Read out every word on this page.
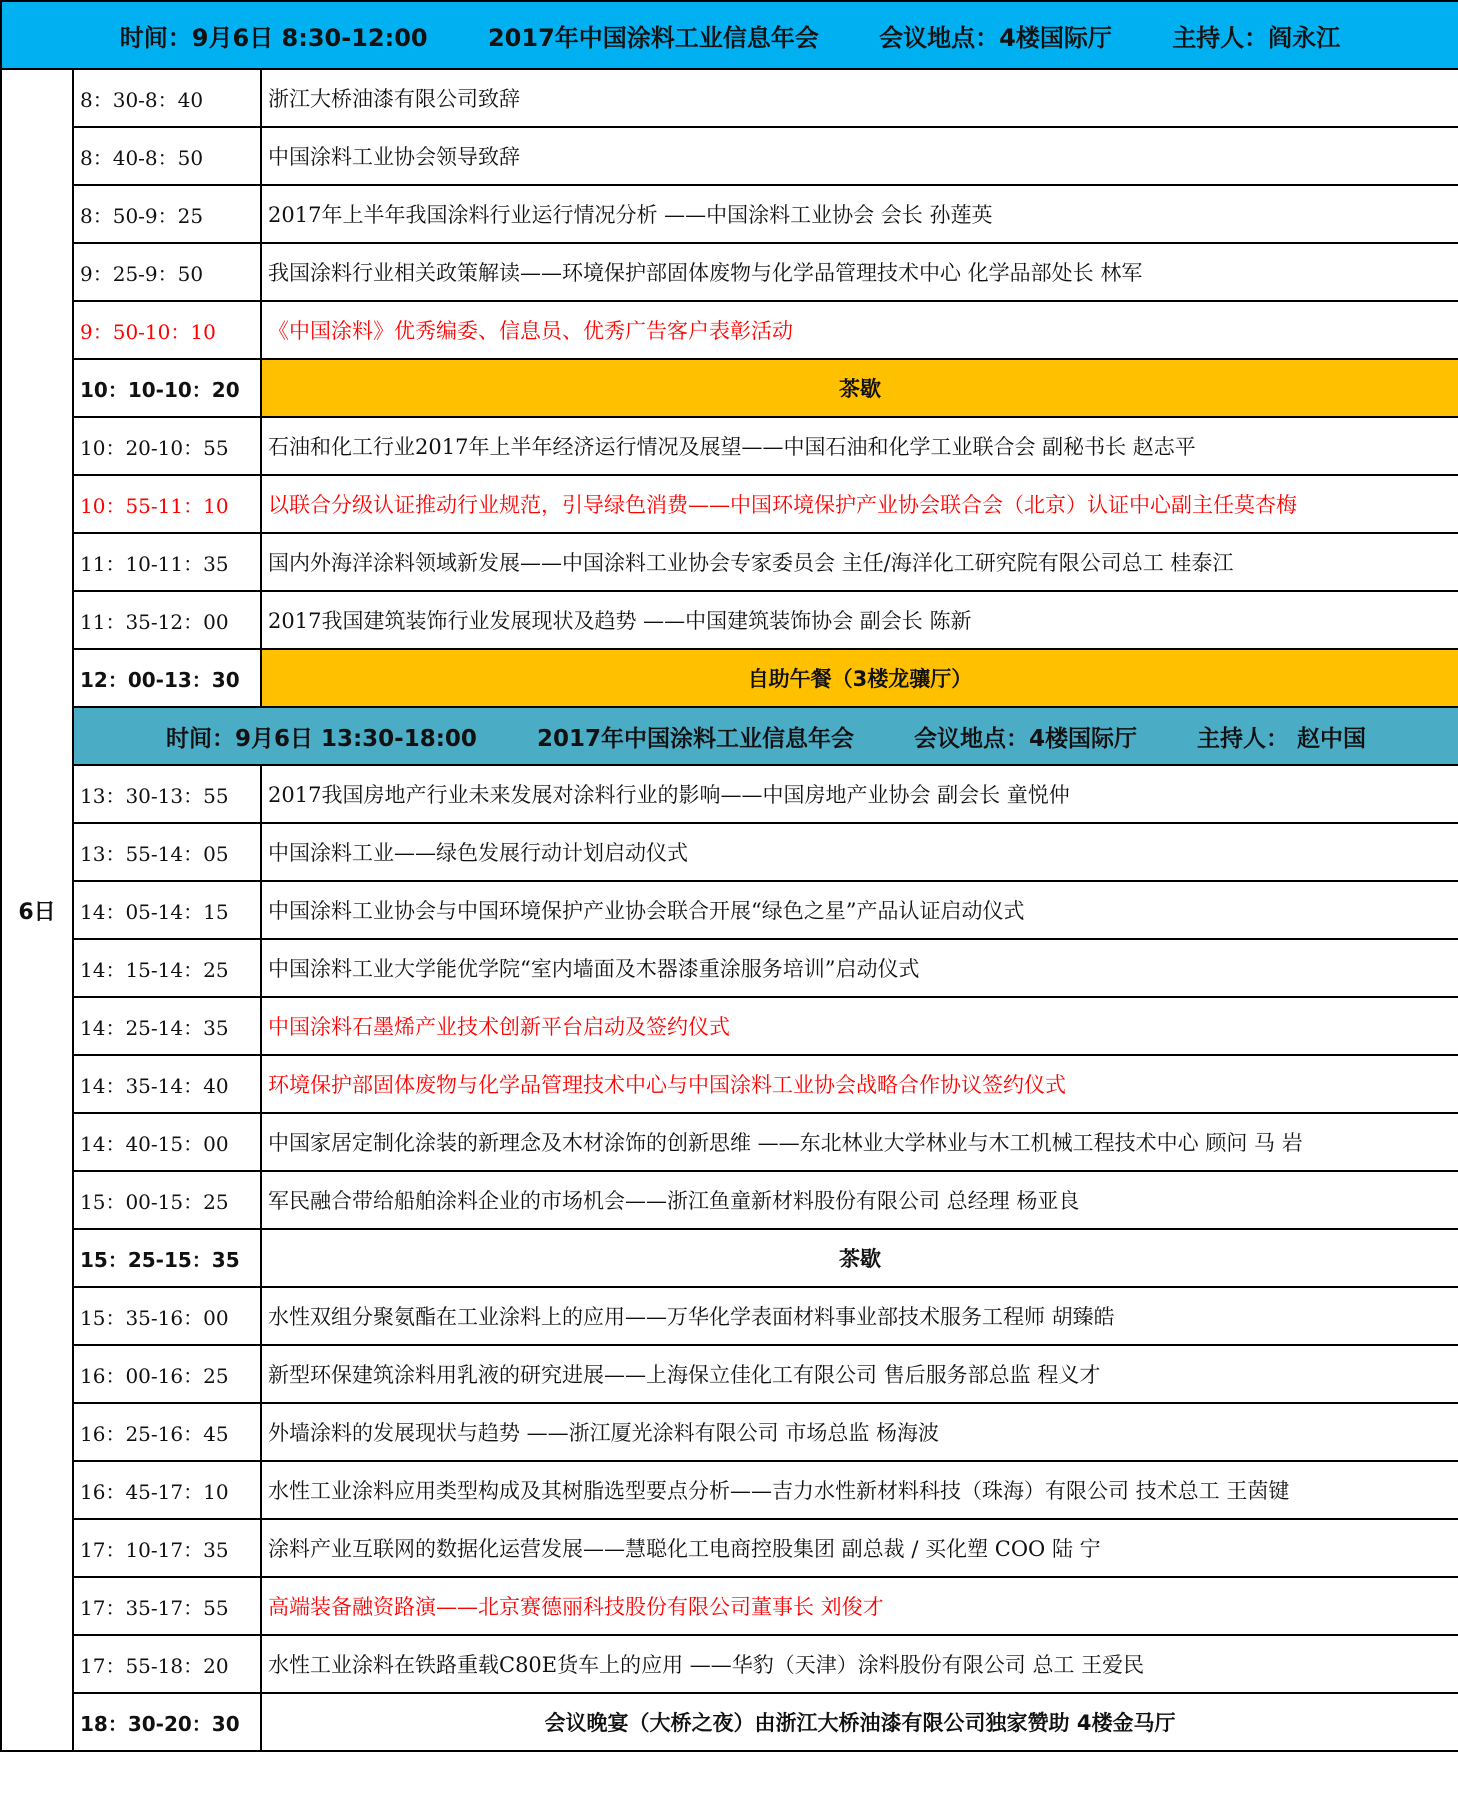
时间：9月6日 8:30-12:00 2017年中国涂料工业信息年会 会议地点：4楼国际厅 主持人：阎永江		
6日	8：30-8：40	浙江大桥油漆有限公司致辞
	8：40-8：50	中国涂料工业协会领导致辞
	8：50-9：25	2017年上半年我国涂料行业运行情况分析 ——中国涂料工业协会 会长 孙莲英
	9：25-9：50	我国涂料行业相关政策解读——环境保护部固体废物与化学品管理技术中心 化学品部处长 林军
	9：50-10：10	《中国涂料》优秀编委、信息员、优秀广告客户表彰活动
	10：10-10：20	茶歇
	10：20-10：55	石油和化工行业2017年上半年经济运行情况及展望——中国石油和化学工业联合会 副秘书长 赵志平
	10：55-11：10	以联合分级认证推动行业规范，引导绿色消费——中国环境保护产业协会联合会（北京）认证中心副主任莫杏梅
	11：10-11：35	国内外海洋涂料领域新发展——中国涂料工业协会专家委员会 主任/海洋化工研究院有限公司总工 桂泰江
	11：35-12：00	2017我国建筑装饰行业发展现状及趋势 ——中国建筑装饰协会 副会长 陈新
	12：00-13：30	自助午餐（3楼龙骧厅）
	时间：9月6日 13:30-18:00 2017年中国涂料工业信息年会 会议地点：4楼国际厅 主持人： 赵中国	
	13：30-13：55	2017我国房地产行业未来发展对涂料行业的影响——中国房地产业协会 副会长 童悦仲
	13：55-14：05	中国涂料工业——绿色发展行动计划启动仪式
	14：05-14：15	中国涂料工业协会与中国环境保护产业协会联合开展“绿色之星”产品认证启动仪式
	14：15-14：25	中国涂料工业大学能优学院“室内墙面及木器漆重涂服务培训”启动仪式
	14：25-14：35	中国涂料石墨烯产业技术创新平台启动及签约仪式
	14：35-14：40	环境保护部固体废物与化学品管理技术中心与中国涂料工业协会战略合作协议签约仪式
	14：40-15：00	中国家居定制化涂装的新理念及木材涂饰的创新思维 ——东北林业大学林业与木工机械工程技术中心 顾问 马 岩
	15：00-15：25	军民融合带给船舶涂料企业的市场机会——浙江鱼童新材料股份有限公司 总经理 杨亚良
	15：25-15：35	茶歇
	15：35-16：00	水性双组分聚氨酯在工业涂料上的应用——万华化学表面材料事业部技术服务工程师 胡臻皓
	16：00-16：25	新型环保建筑涂料用乳液的研究进展——上海保立佳化工有限公司 售后服务部总监 程义才
	16：25-16：45	外墙涂料的发展现状与趋势 ——浙江厦光涂料有限公司 市场总监 杨海波
	16：45-17：10	水性工业涂料应用类型构成及其树脂选型要点分析——吉力水性新材料科技（珠海）有限公司 技术总工 王茵键
	17：10-17：35	涂料产业互联网的数据化运营发展——慧聪化工电商控股集团 副总裁 / 买化塑 COO 陆 宁
	17：35-17：55	高端装备融资路演——北京赛德丽科技股份有限公司董事长 刘俊才
	17：55-18：20	水性工业涂料在铁路重载C80E货车上的应用 ——华豹（天津）涂料股份有限公司 总工 王爱民
	18：30-20：30	会议晚宴（大桥之夜）由浙江大桥油漆有限公司独家赞助 4楼金马厅
